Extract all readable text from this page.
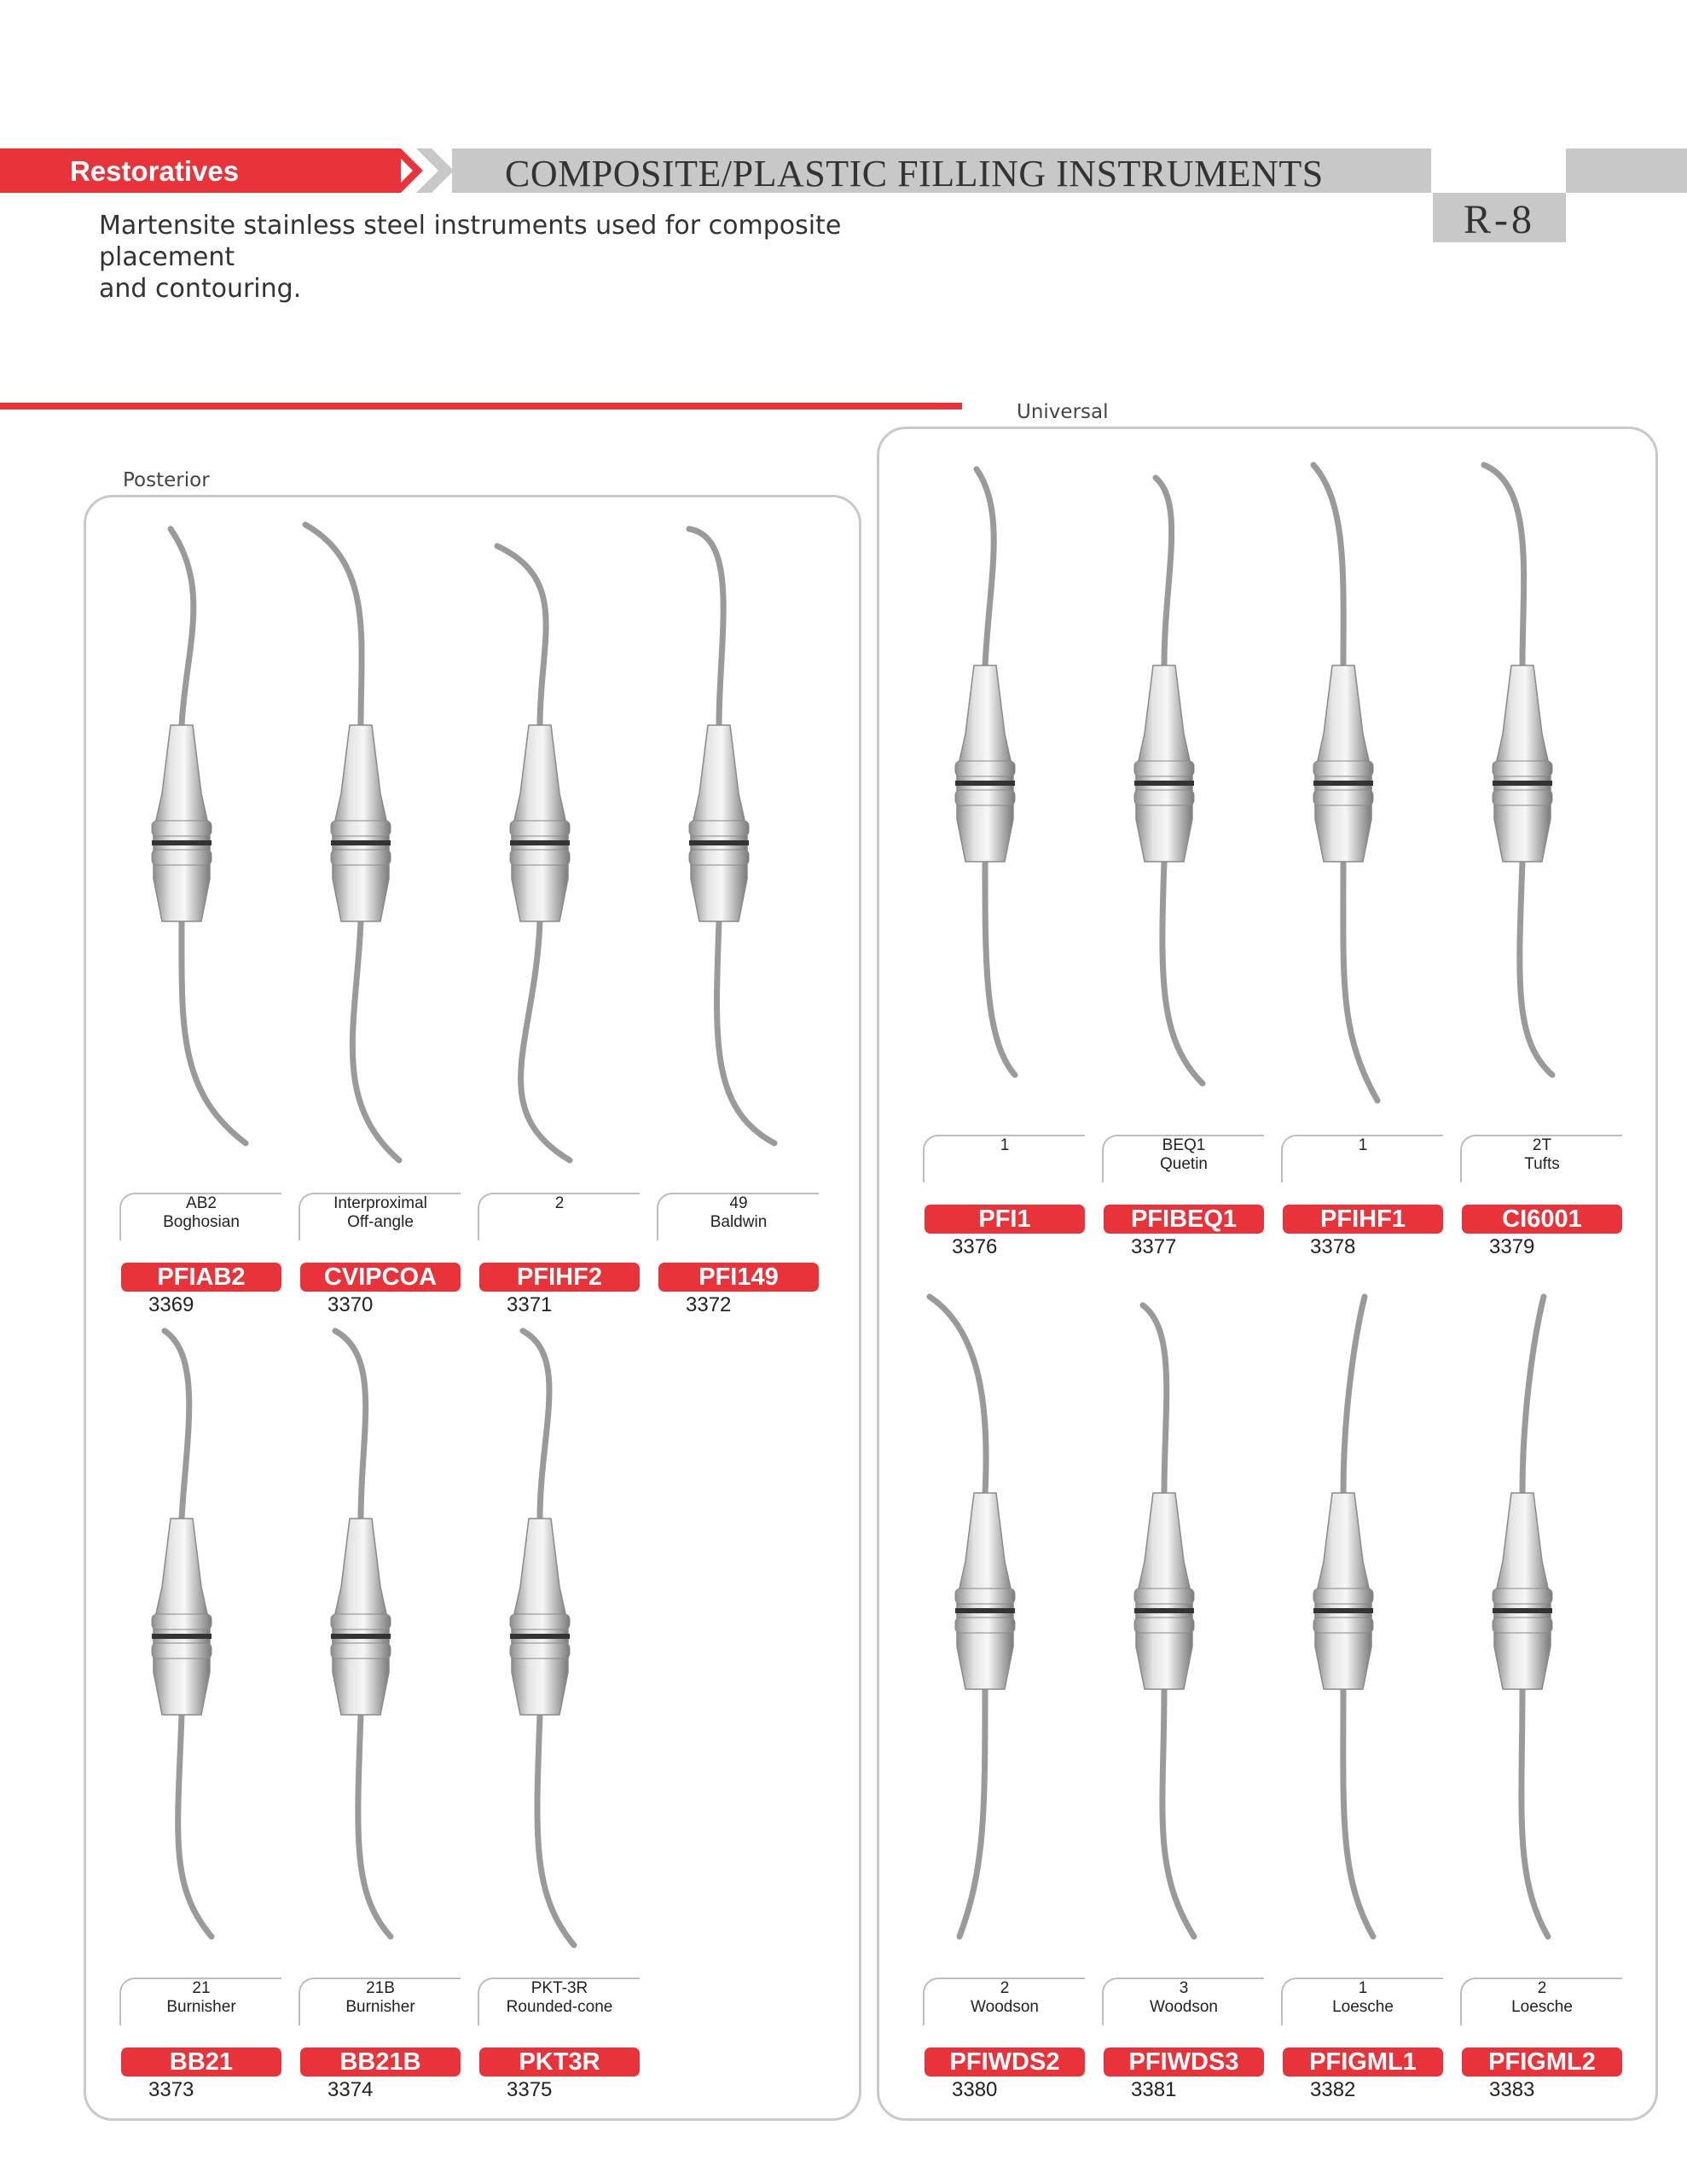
Restoratives	COMPOSITE/PLASTIC FILLING INSTRUMENTS
R-8
Martensite stainless steel instruments used for composite placement
and contouring.
Posterior
Universal
AB2
Boghosian
PFIAB2
3369
Interproximal
Off-angle
CVIPCOA
3370
2
PFIHF2
3371
49
Baldwin
PFI149
3372
21
Burnisher
BB21
3373
21B
Burnisher
BB21B
3374
PKT-3R
Rounded-cone
PKT3R
3375
1
PFI1
3376
BEQ1
Quetin
PFIBEQ1
3377
1
PFIHF1
3378
2T
Tufts
CI6001
3379
2
Woodson
PFIWDS2
3380
3
Woodson
PFIWDS3
3381
1
Loesche
PFIGML1
3382
2
Loesche
PFIGML2
3383
